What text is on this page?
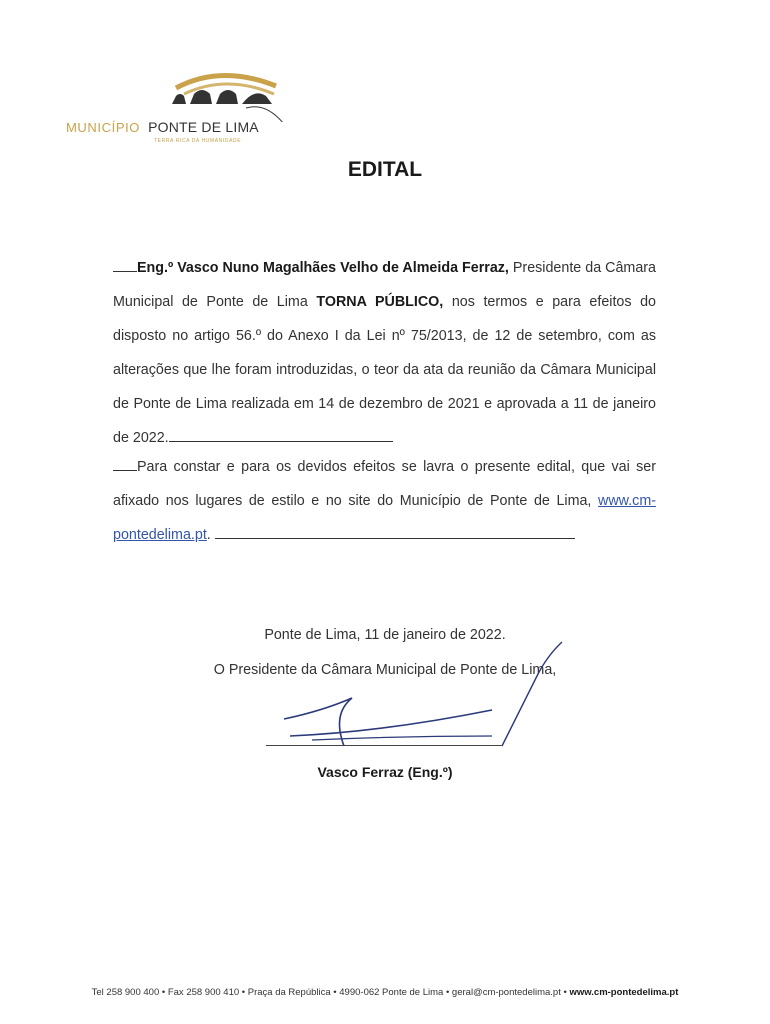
MUNICÍPIO PONTE DE LIMA
TERRA RICA DA HUMANIDADE
EDITAL
Eng.º Vasco Nuno Magalhães Velho de Almeida Ferraz, Presidente da Câmara Municipal de Ponte de Lima TORNA PÚBLICO, nos termos e para efeitos do disposto no artigo 56.º do Anexo I da Lei nº 75/2013, de 12 de setembro, com as alterações que lhe foram introduzidas, o teor da ata da reunião da Câmara Municipal de Ponte de Lima realizada em 14 de dezembro de 2021 e aprovada a 11 de janeiro de 2022.
Para constar e para os devidos efeitos se lavra o presente edital, que vai ser afixado nos lugares de estilo e no site do Município de Ponte de Lima, www.cm-pontedelima.pt.
Ponte de Lima, 11 de janeiro de 2022.
O Presidente da Câmara Municipal de Ponte de Lima,
Vasco Ferraz (Eng.º)
Tel 258 900 400 • Fax 258 900 410 • Praça da República • 4990-062 Ponte de Lima • geral@cm-pontedelima.pt • www.cm-pontedelima.pt
